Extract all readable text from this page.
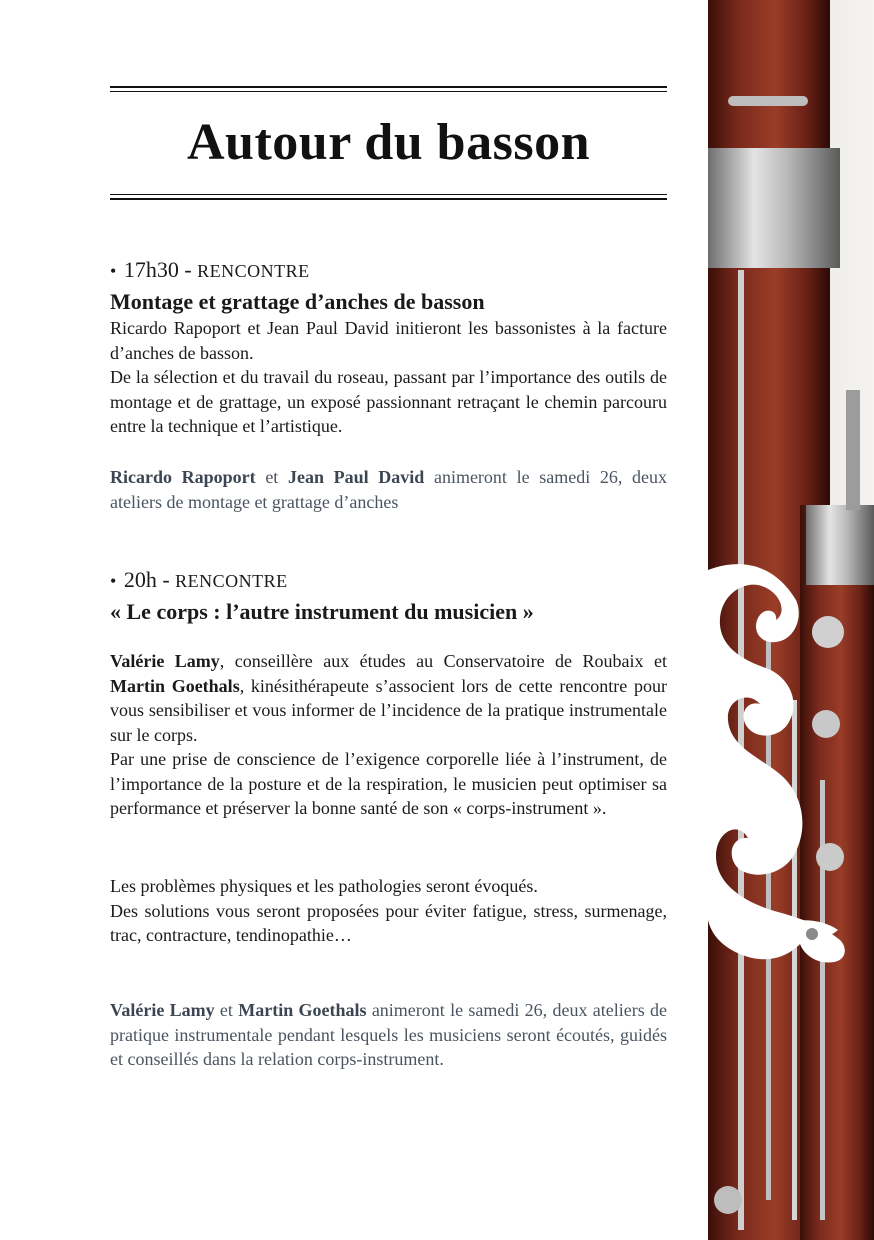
Autour du basson
• 17h30 - RENCONTRE
Montage et grattage d’anches de basson
Ricardo Rapoport et Jean Paul David initieront les bassonistes à la facture d’anches de basson.
De la sélection et du travail du roseau, passant par l’importance des outils de montage et de grattage, un exposé passionnant retraçant le chemin parcouru entre la technique et l’artistique.
Ricardo Rapoport et Jean Paul David animeront le samedi 26, deux ateliers de montage et grattage d’anches
• 20h - RENCONTRE
« Le corps : l’autre instrument du musicien »
Valérie Lamy, conseillère aux études au Conservatoire de Roubaix et Martin Goethals, kinésithérapeute s’associent lors de cette rencontre pour vous sensibiliser et vous informer de l’incidence de la pratique instrumentale sur le corps.
Par une prise de conscience de l’exigence corporelle liée à l’instrument, de l’importance de la posture et de la respiration, le musicien peut optimiser sa performance et préserver la bonne santé de son « corps-instrument ».
Les problèmes physiques et les pathologies seront évoqués.
Des solutions vous seront proposées pour éviter fatigue, stress, surmenage, trac, contracture, tendinopathie…
Valérie Lamy et Martin Goethals animeront le samedi 26, deux ateliers de pratique instrumentale pendant lesquels les musiciens seront écoutés, guidés et conseillés dans la relation corps-instrument.
